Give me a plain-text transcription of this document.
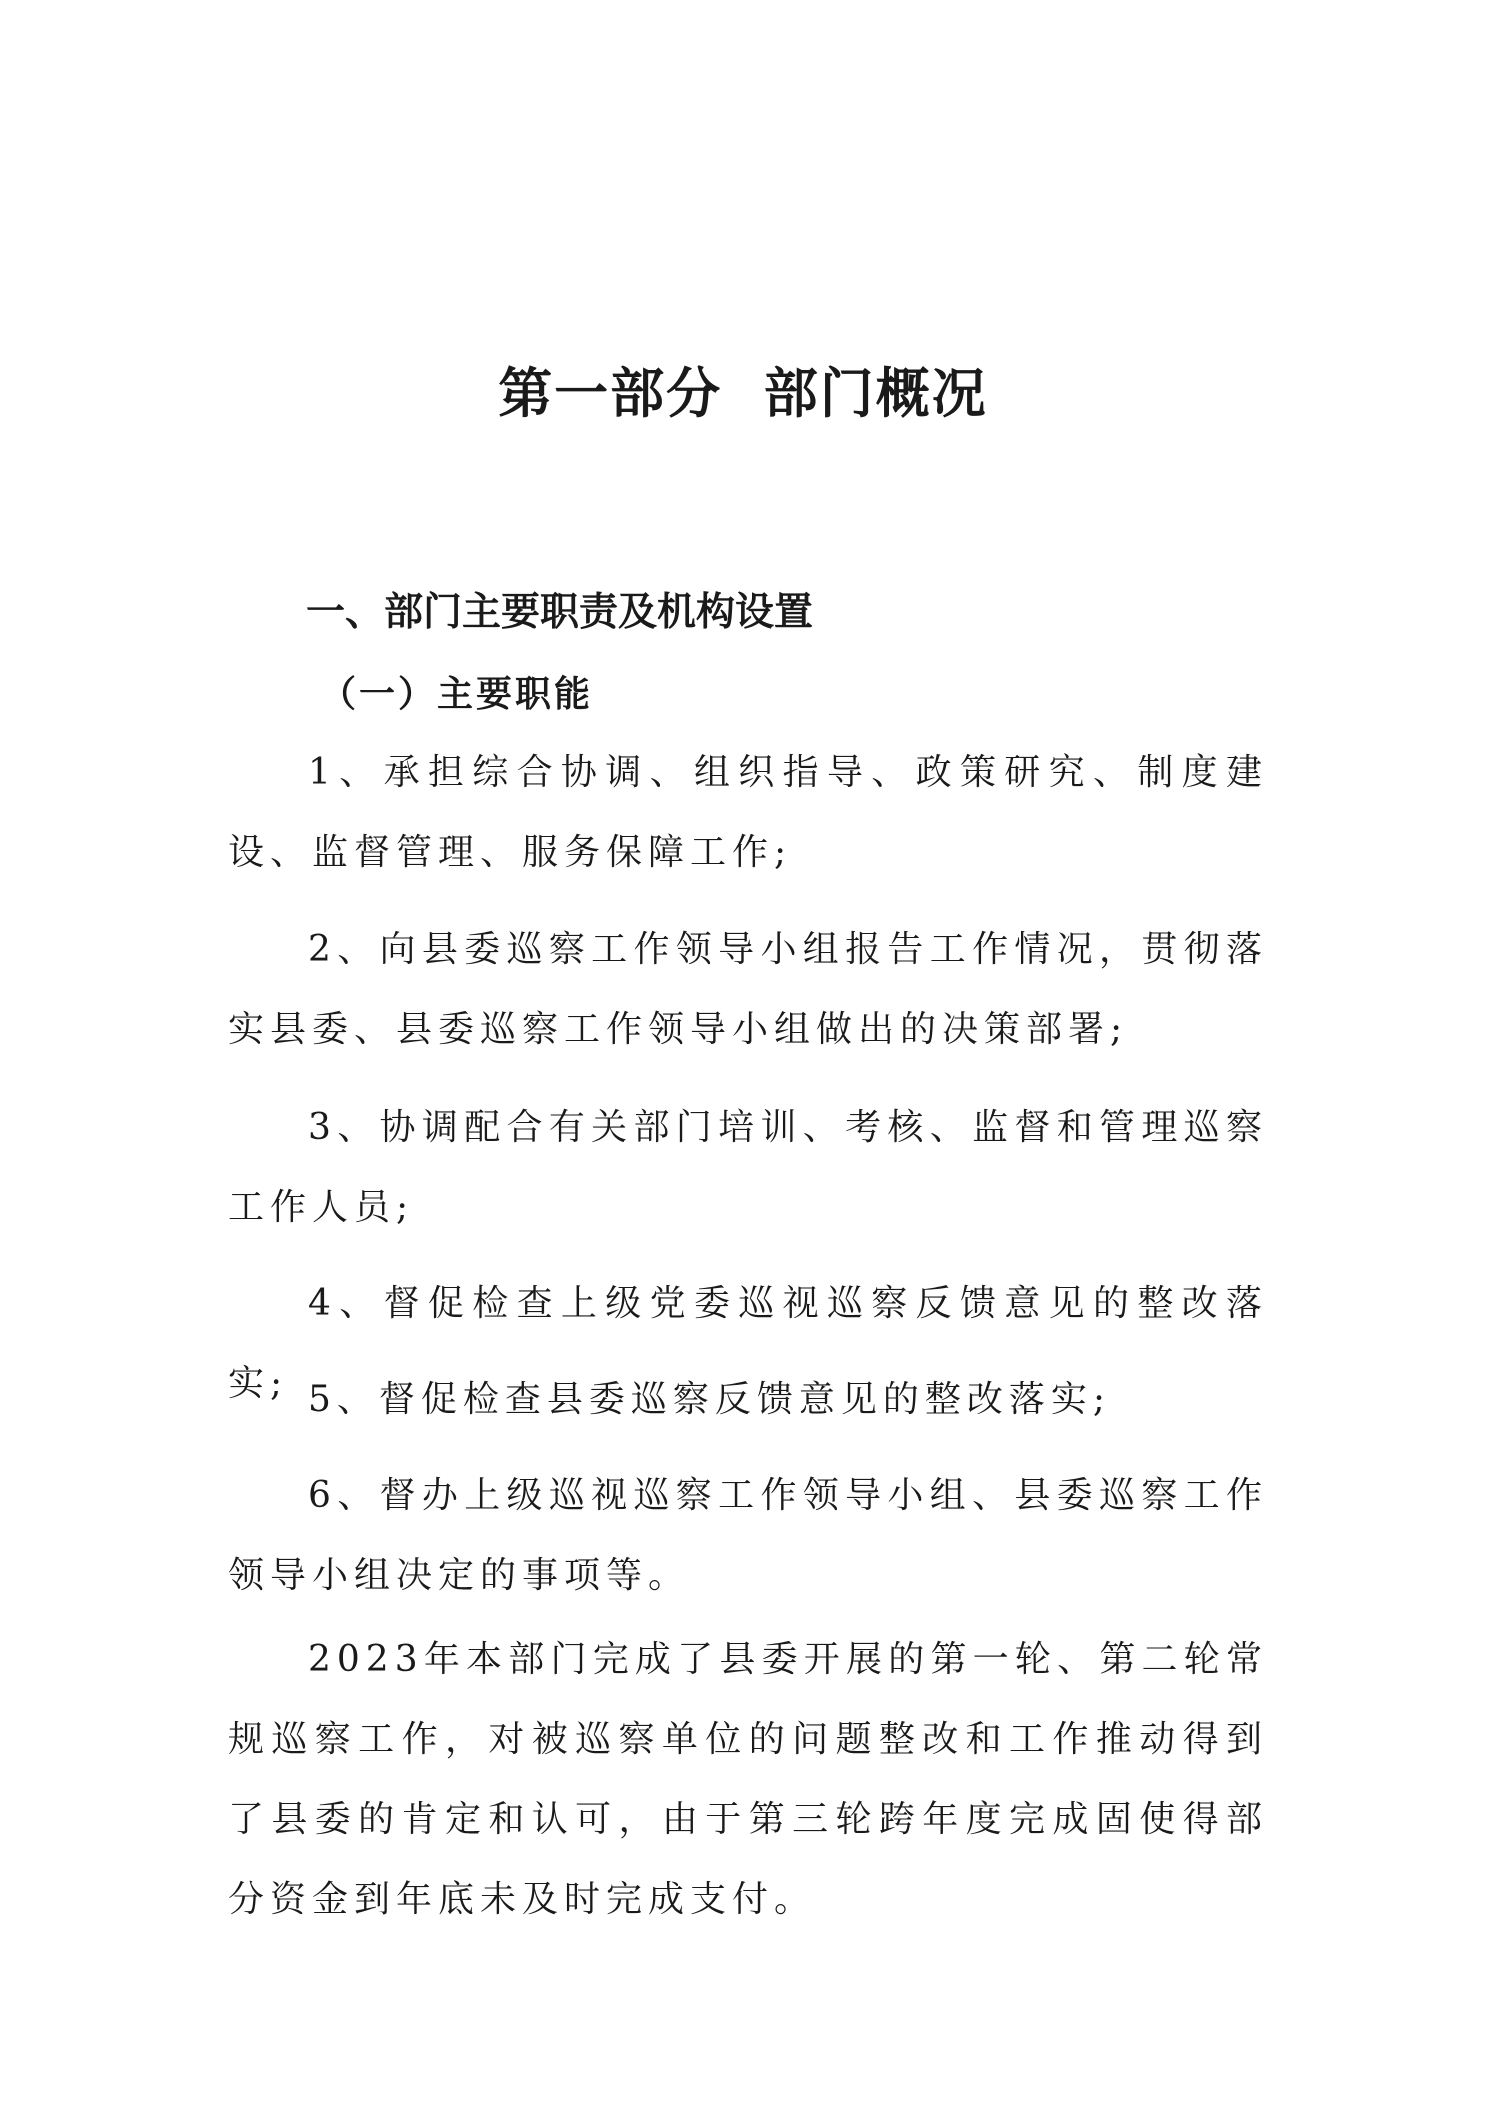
第一部分  部门概况
一、部门主要职责及机构设置
（一）主要职能

1、承担综合协调、组织指导、政策研究、制度建设、监督管理、服务保障工作;

2、向县委巡察工作领导小组报告工作情况，贯彻落实县委、县委巡察工作领导小组做出的决策部署;

3、协调配合有关部门培训、考核、监督和管理巡察工作人员;

4、督促检查上级党委巡视巡察反馈意见的整改落实; 5、督促检查县委巡察反馈意见的整改落实;

6、督办上级巡视巡察工作领导小组、县委巡察工作领导小组决定的事项等。

2023年本部门完成了县委开展的第一轮、第二轮常规巡察工作，对被巡察单位的问题整改和工作推动得到了县委的肯定和认可，由于第三轮跨年度完成固使得部分资金到年底未及时完成支付。
